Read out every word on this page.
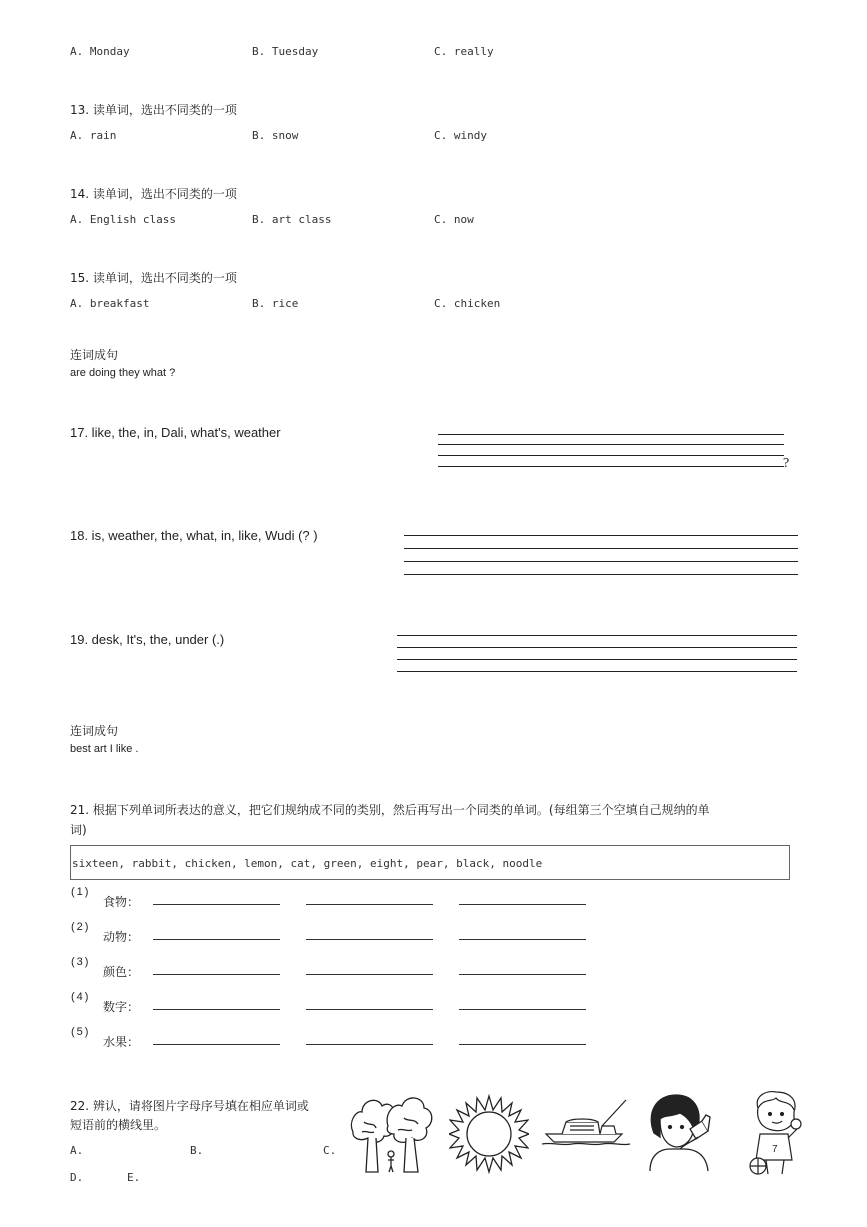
A. Monday	B. Tuesday	C. really
13. 读单词，选出不同类的一项
A. rain	B. snow	C. windy
14. 读单词，选出不同类的一项
A. English class	B. art class	C. now
15. 读单词，选出不同类的一项
A. breakfast	B. rice	C. chicken
连词成句
are doing they what ?
17. like, the, in, Dali, what's, weather
?
18. is, weather, the, what, in, like, Wudi (? )
19. desk, It's, the, under (.)
连词成句
best art I like .
21. 根据下列单词所表达的意义，把它们规纳成不同的类别，然后再写出一个同类的单词。(每组第三个空填自己规纳的单
词)
sixteen, rabbit, chicken, lemon, cat, green, eight, pear, black, noodle
(1)
食物：
(2)
动物：
(3)
颜色：
(4)
数字：
(5)
水果：
22. 辨认，请将图片字母序号填在相应单词或
短语前的横线里。
A.	B.	C.
D.	E.
7
